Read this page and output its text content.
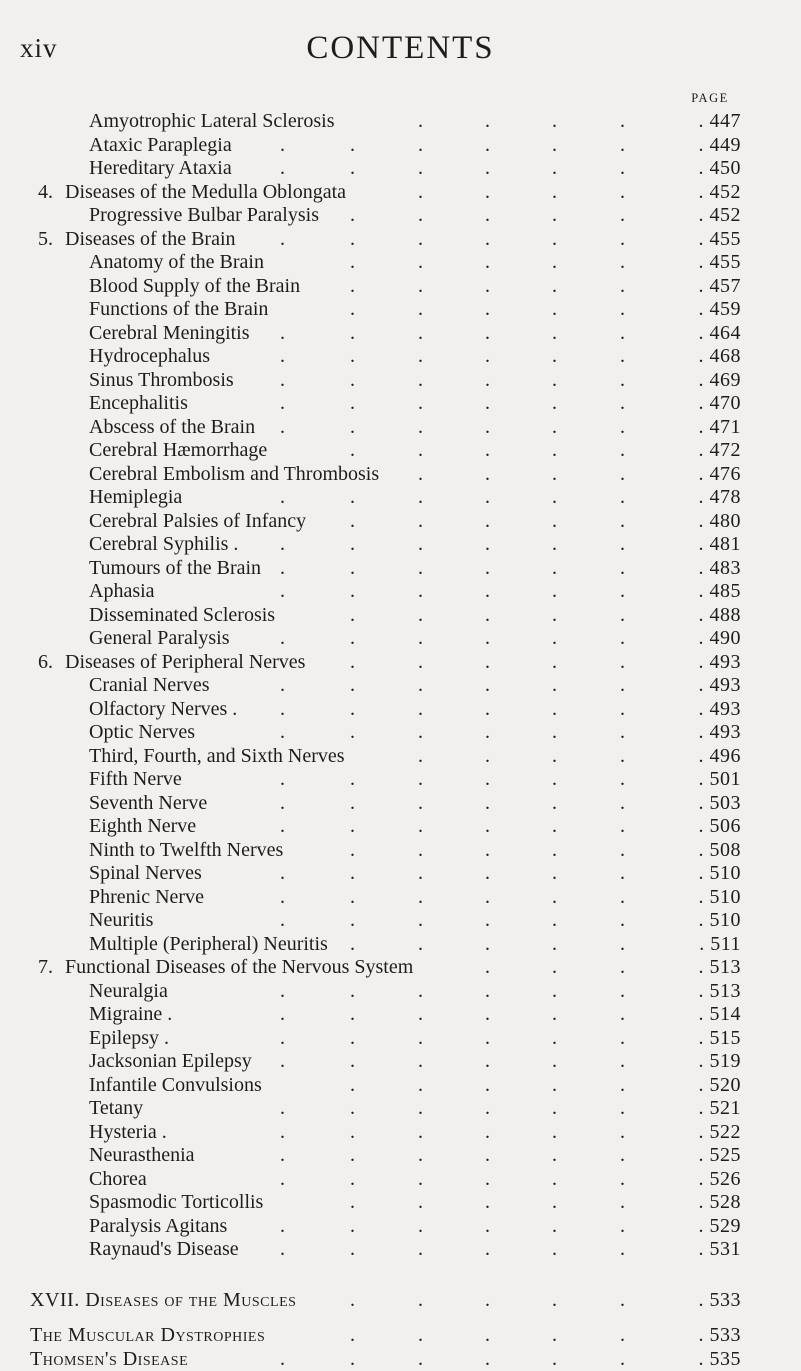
xiv	CONTENTS
PAGE
Amyotrophic Lateral Sclerosis	. 447
.	.	.	.
Ataxic Paraplegia	. 449
.	.	.	.	.	.
Hereditary Ataxia	. 450
.	.	.	.	.	.
4. Diseases of the Medulla Oblongata	. 452
.	.	.	.
Progressive Bulbar Paralysis	. 452
.	.	.	.	.
5. Diseases of the Brain	. 455
.	.	.	.	.	.
Anatomy of the Brain	. 455
.	.	.	.	.
Blood Supply of the Brain	. 457
.	.	.	.	.
Functions of the Brain	. 459
.	.	.	.	.
Cerebral Meningitis	. 464
.	.	.	.	.	.
Hydrocephalus	. 468
.	.	.	.	.	.
Sinus Thrombosis	. 469
.	.	.	.	.	.
Encephalitis	. 470
.	.	.	.	.	.
Abscess of the Brain	. 471
.	.	.	.	.	.
Cerebral Hæmorrhage	. 472
.	.	.	.	.
Cerebral Embolism and Thrombosis	. 476
.	.	.	.
Hemiplegia	. 478
.	.	.	.	.	.
Cerebral Palsies of Infancy	. 480
.	.	.	.	.
Cerebral Syphilis .	. 481
.	.	.	.	.	.
Tumours of the Brain	. 483
.	.	.	.	.	.
Aphasia	. 485
.	.	.	.	.	.
Disseminated Sclerosis	. 488
.	.	.	.	.
General Paralysis	. 490
.	.	.	.	.	.
6. Diseases of Peripheral Nerves	. 493
.	.	.	.	.
Cranial Nerves	. 493
.	.	.	.	.	.
Olfactory Nerves .	. 493
.	.	.	.	.	.
Optic Nerves	. 493
.	.	.	.	.	.
Third, Fourth, and Sixth Nerves	. 496
.	.	.	.
Fifth Nerve	. 501
.	.	.	.	.	.
Seventh Nerve	. 503
.	.	.	.	.	.
Eighth Nerve	. 506
.	.	.	.	.	.
Ninth to Twelfth Nerves	. 508
.	.	.	.	.
Spinal Nerves	. 510
.	.	.	.	.	.
Phrenic Nerve	. 510
.	.	.	.	.	.
Neuritis	. 510
.	.	.	.	.	.
Multiple (Peripheral) Neuritis	. 511
.	.	.	.	.
7. Functional Diseases of the Nervous System	. 513
.	.	.
Neuralgia	. 513
.	.	.	.	.	.
Migraine .	. 514
.	.	.	.	.	.
Epilepsy .	. 515
.	.	.	.	.	.
Jacksonian Epilepsy	. 519
.	.	.	.	.	.
Infantile Convulsions	. 520
.	.	.	.	.
Tetany	. 521
.	.	.	.	.	.
Hysteria .	. 522
.	.	.	.	.	.
Neurasthenia	. 525
.	.	.	.	.	.
Chorea	. 526
.	.	.	.	.	.
Spasmodic Torticollis	. 528
.	.	.	.	.
Paralysis Agitans	. 529
.	.	.	.	.	.
Raynaud's Disease	. 531
.	.	.	.	.	.
XVII. Diseases of the Muscles	. 533
.	.	.	.	.
The Muscular Dystrophies	. 533
.	.	.	.	.
Thomsen's Disease	. 535
.	.	.	.	.	.
